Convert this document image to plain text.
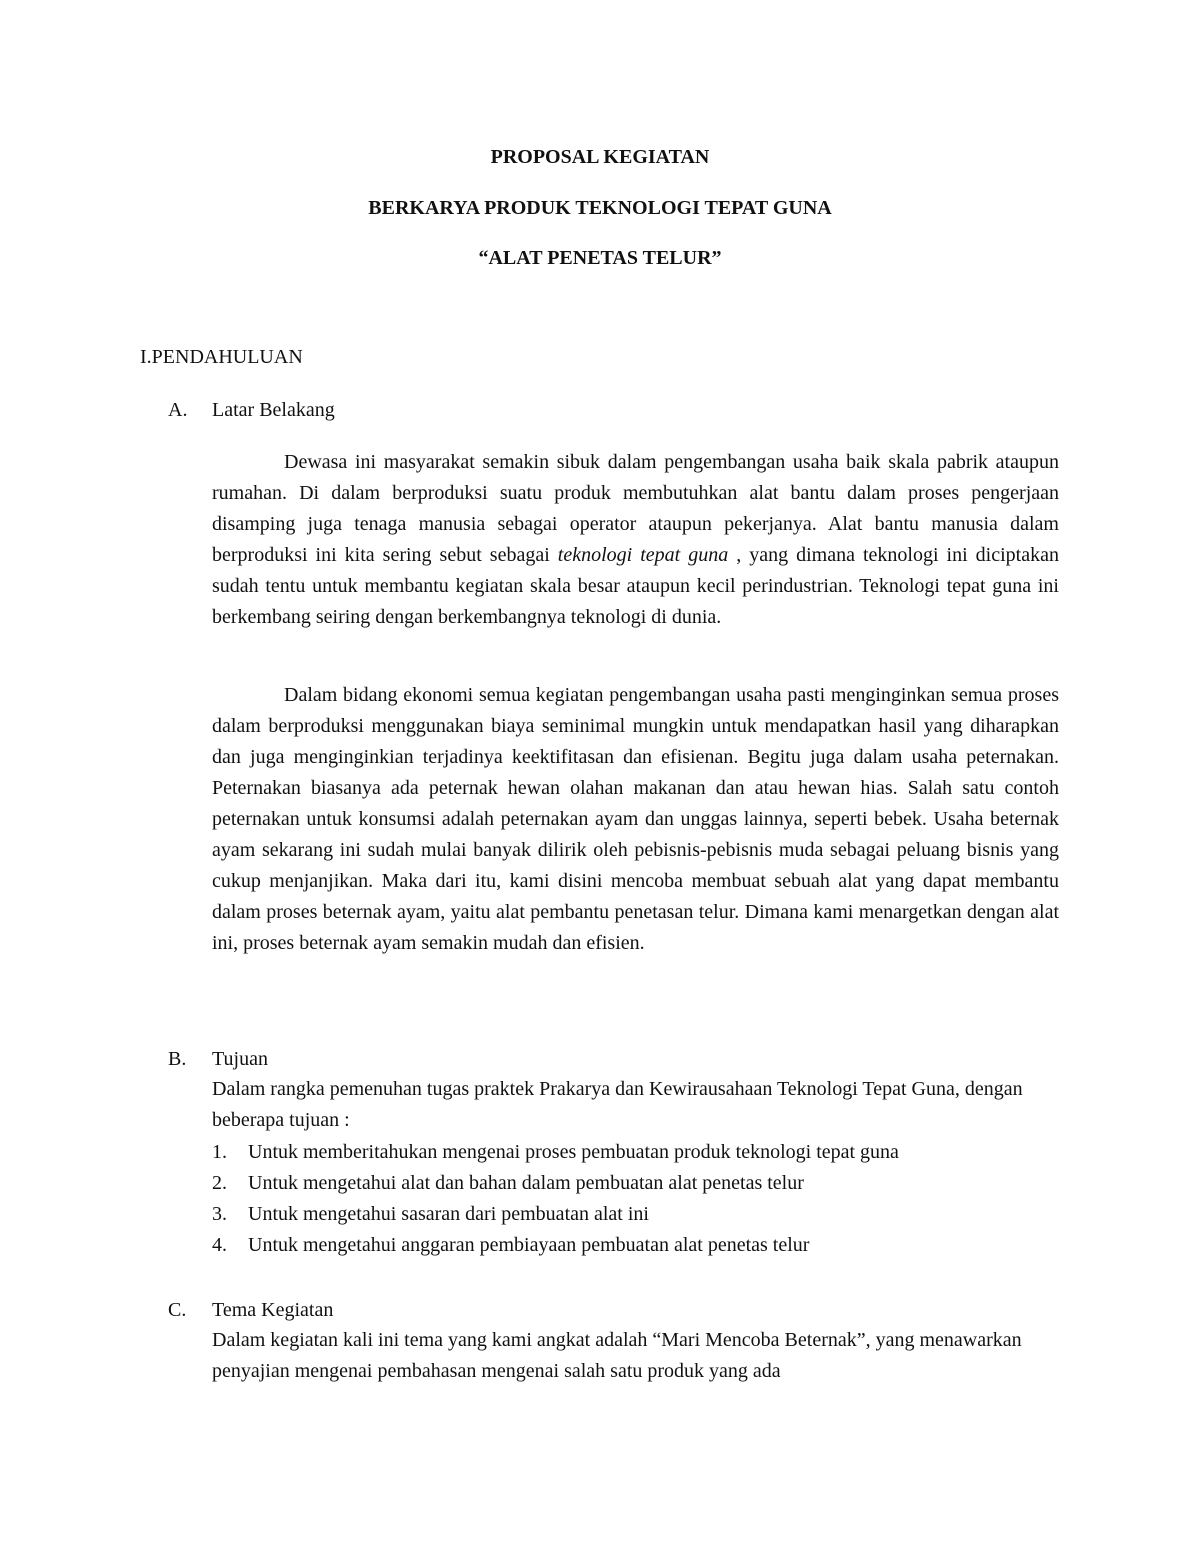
PROPOSAL KEGIATAN
BERKARYA PRODUK TEKNOLOGI TEPAT GUNA
“ALAT PENETAS TELUR”
I.PENDAHULUAN
A. Latar Belakang

Dewasa ini masyarakat semakin sibuk dalam pengembangan usaha baik skala pabrik ataupun rumahan. Di dalam berproduksi suatu produk membutuhkan alat bantu dalam proses pengerjaan disamping juga tenaga manusia sebagai operator ataupun pekerjanya. Alat bantu manusia dalam berproduksi ini kita sering sebut sebagai teknologi tepat guna , yang dimana teknologi ini diciptakan sudah tentu untuk membantu kegiatan skala besar ataupun kecil perindustrian. Teknologi tepat guna ini berkembang seiring dengan berkembangnya teknologi di dunia.

Dalam bidang ekonomi semua kegiatan pengembangan usaha pasti menginginkan semua proses dalam berproduksi menggunakan biaya seminimal mungkin untuk mendapatkan hasil yang diharapkan dan juga menginginkian terjadinya keektifitasan dan efisienan. Begitu juga dalam usaha peternakan. Peternakan biasanya ada peternak hewan olahan makanan dan atau hewan hias. Salah satu contoh peternakan untuk konsumsi adalah peternakan ayam dan unggas lainnya, seperti bebek. Usaha beternak ayam sekarang ini sudah mulai banyak dilirik oleh pebisnis-pebisnis muda sebagai peluang bisnis yang cukup menjanjikan. Maka dari itu, kami disini mencoba membuat sebuah alat yang dapat membantu dalam proses beternak ayam, yaitu alat pembantu penetasan telur. Dimana kami menargetkan dengan alat ini, proses beternak ayam semakin mudah dan efisien.

B. Tujuan

Dalam rangka pemenuhan tugas praktek Prakarya dan Kewirausahaan Teknologi Tepat Guna, dengan beberapa tujuan :

1 . Untuk memberitahukan mengenai proses pembuatan produk teknologi tepat guna
2 . Untuk mengetahui alat dan bahan dalam pembuatan alat penetas telur
3 . Untuk mengetahui sasaran dari pembuatan alat ini
4 . Untuk mengetahui anggaran pembiayaan pembuatan alat penetas telur
C. Tema Kegiatan

Dalam kegiatan kali ini tema yang kami angkat adalah “Mari Mencoba Beternak”, yang menawarkan penyajian mengenai pembahasan mengenai salah satu produk yang ada
